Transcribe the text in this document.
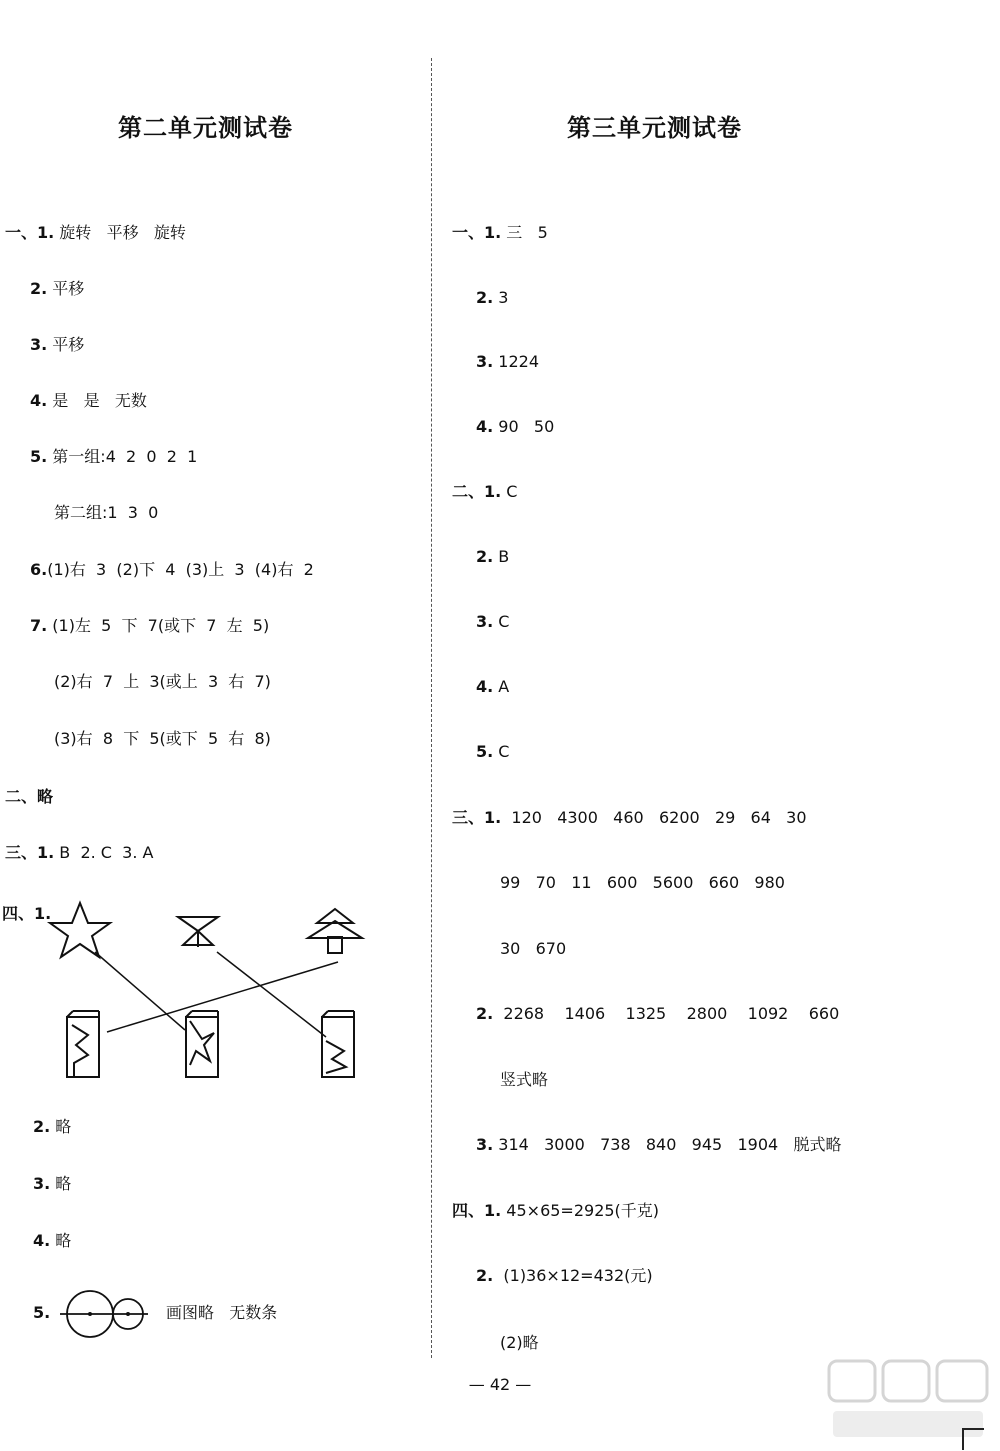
第二单元测试卷
一、1. 旋转   平移   旋转
2. 平移
3. 平移
4. 是   是   无数
5. 第一组:4  2  0  2  1
第二组:1  3  0
6.(1)右  3  (2)下  4  (3)上  3  (4)右  2
7. (1)左  5  下  7(或下  7  左  5)
(2)右  7  上  3(或上  3  右  7)
(3)右  8  下  5(或下  5  右  8)
二、略
三、1. B  2. C  3. A
四、1.
2. 略
3. 略
4. 略
5.	画图略   无数条
第三单元测试卷
一、1. 三   5
2. 3
3. 1224
4. 90   50
二、1. C
2. B
3. C
4. A
5. C
三、1.  120   4300   460   6200   29   64   30
99   70   11   600   5600   660   980
30   670
2.  2268    1406    1325    2800    1092    660
竖式略
3. 314   3000   738   840   945   1904   脱式略
四、1. 45×65=2925(千克)
2.  (1)36×12=432(元)
(2)略
— 42 —
